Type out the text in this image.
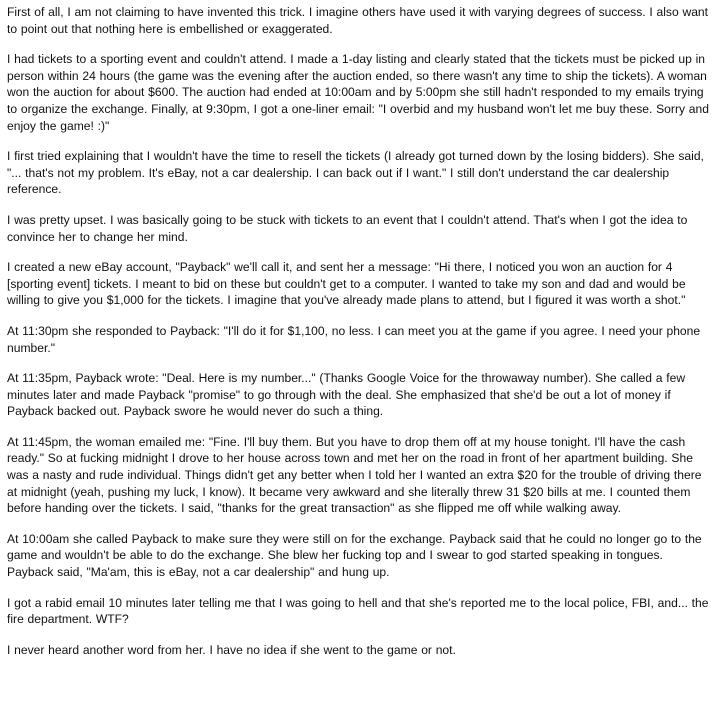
First of all, I am not claiming to have invented this trick. I imagine others have used it with varying degrees of success. I also want to point out that nothing here is embellished or exaggerated.

I had tickets to a sporting event and couldn't attend. I made a 1-day listing and clearly stated that the tickets must be picked up in person within 24 hours (the game was the evening after the auction ended, so there wasn't any time to ship the tickets). A woman won the auction for about $600. The auction had ended at 10:00am and by 5:00pm she still hadn't responded to my emails trying to organize the exchange. Finally, at 9:30pm, I got a one-liner email: "I overbid and my husband won't let me buy these. Sorry and enjoy the game! :)"

I first tried explaining that I wouldn't have the time to resell the tickets (I already got turned down by the losing bidders). She said, "... that's not my problem. It's eBay, not a car dealership. I can back out if I want." I still don't understand the car dealership reference.

I was pretty upset. I was basically going to be stuck with tickets to an event that I couldn't attend. That's when I got the idea to convince her to change her mind.

I created a new eBay account, "Payback" we'll call it, and sent her a message: "Hi there, I noticed you won an auction for 4 [sporting event] tickets. I meant to bid on these but couldn't get to a computer. I wanted to take my son and dad and would be willing to give you $1,000 for the tickets. I imagine that you've already made plans to attend, but I figured it was worth a shot."

At 11:30pm she responded to Payback: "I'll do it for $1,100, no less. I can meet you at the game if you agree. I need your phone number."

At 11:35pm, Payback wrote: "Deal. Here is my number..." (Thanks Google Voice for the throwaway number). She called a few minutes later and made Payback "promise" to go through with the deal. She emphasized that she'd be out a lot of money if Payback backed out. Payback swore he would never do such a thing.

At 11:45pm, the woman emailed me: "Fine. I'll buy them. But you have to drop them off at my house tonight. I'll have the cash ready." So at fucking midnight I drove to her house across town and met her on the road in front of her apartment building. She was a nasty and rude individual. Things didn't get any better when I told her I wanted an extra $20 for the trouble of driving there at midnight (yeah, pushing my luck, I know). It became very awkward and she literally threw 31 $20 bills at me. I counted them before handing over the tickets. I said, "thanks for the great transaction" as she flipped me off while walking away.

At 10:00am she called Payback to make sure they were still on for the exchange. Payback said that he could no longer go to the game and wouldn't be able to do the exchange. She blew her fucking top and I swear to god started speaking in tongues. Payback said, "Ma'am, this is eBay, not a car dealership" and hung up.

I got a rabid email 10 minutes later telling me that I was going to hell and that she's reported me to the local police, FBI, and... the fire department. WTF?

I never heard another word from her. I have no idea if she went to the game or not.
